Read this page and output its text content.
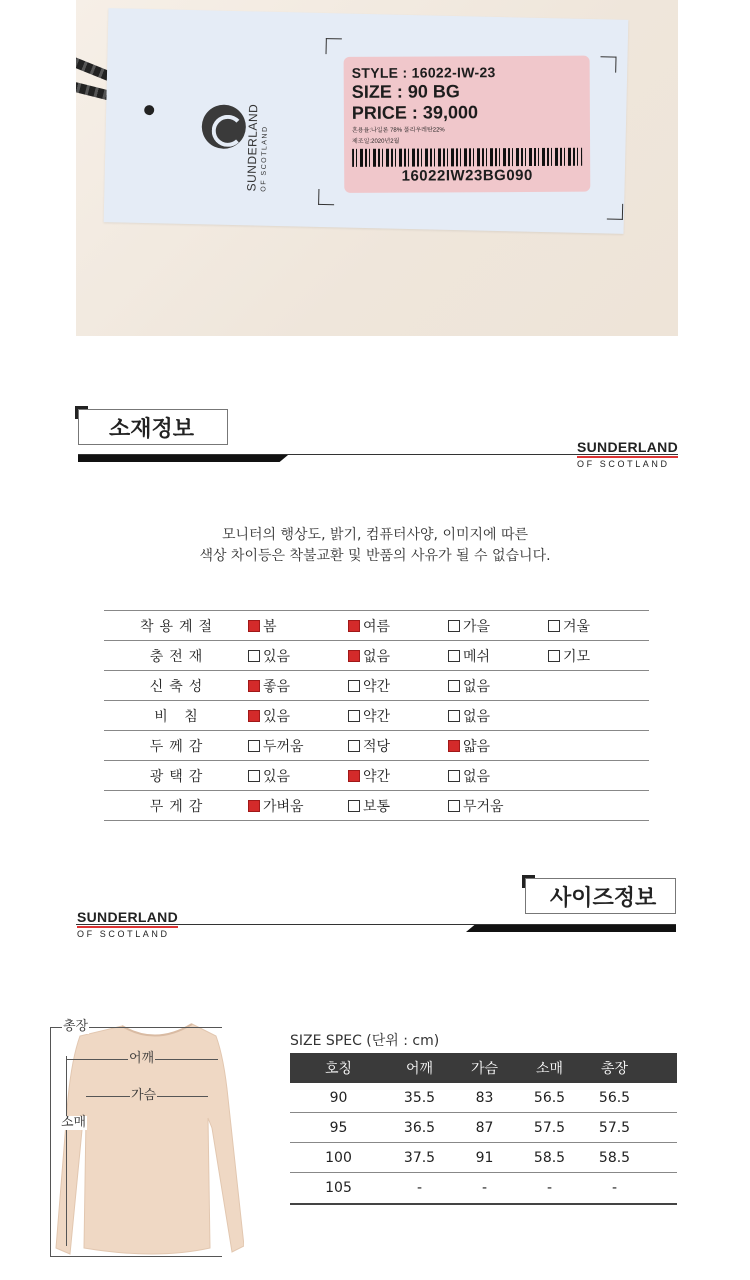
SUNDERLAND OF SCOTLAND
STYLE : 16022-IW-23
SIZE : 90 BG
PRICE : 39,000
혼용율:나일론 78% 폴리우레탄22%
제조일:2020년2월
16022IW23BG090
소재정보
SUNDERLAND
OF SCOTLAND
모니터의 행상도, 밝기, 컴퓨터사양, 이미지에 따른
색상 차이등은 착불교환 및 반품의 사유가 될 수 없습니다.
착용계절	봄	여름	가을	겨울
충전재	있음	없음	메쉬	기모
신축성	좋음	약간	없음
비 침	있음	약간	없음
두께감	두꺼움	적당	얇음
광택감	있음	약간	없음
무게감	가벼움	보통	무거움
사이즈정보
SUNDERLAND
OF SCOTLAND
총장
어깨
가슴
소매
SIZE SPEC (단위 : cm)
호칭	어깨	가슴	소매	총장
90	35.5	83	56.5	56.5
95	36.5	87	57.5	57.5
100	37.5	91	58.5	58.5
105	-	-	-	-
